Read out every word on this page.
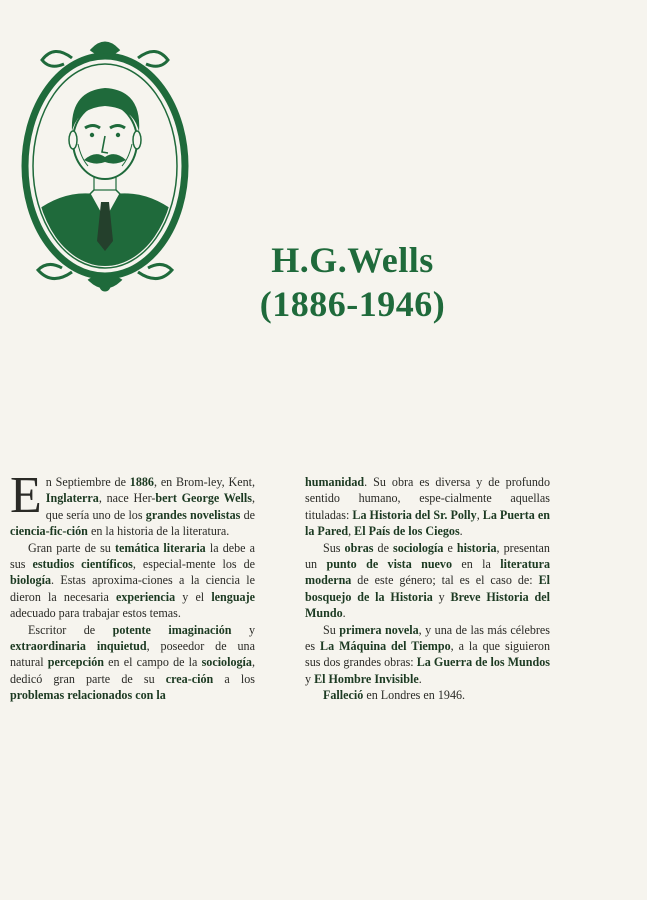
H.G.Wells
(1886-1946)

En Septiembre de 1886, en Brom-ley, Kent, Inglaterra, nace Her-bert George Wells, que sería uno de los grandes novelistas de ciencia-fic-ción en la historia de la literatura.

Gran parte de su temática literaria la debe a sus estudios científicos, especial-mente los de biología. Estas aproxima-ciones a la ciencia le dieron la necesaria experiencia y el lenguaje adecuado para trabajar estos temas.

Escritor de potente imaginación y extraordinaria inquietud, poseedor de una natural percepción en el campo de la sociología, dedicó gran parte de su crea-ción a los problemas relacionados con la

humanidad. Su obra es diversa y de profundo sentido humano, espe-cialmente aquellas tituladas: La Historia del Sr. Polly, La Puerta en la Pared, El País de los Ciegos.

Sus obras de sociología e historia, presentan un punto de vista nuevo en la literatura moderna de este género; tal es el caso de: El bosquejo de la Historia y Breve Historia del Mundo.

Su primera novela, y una de las más célebres es La Máquina del Tiempo, a la que siguieron sus dos grandes obras: La Guerra de los Mundos y El Hombre Invisible.

Falleció en Londres en 1946.
